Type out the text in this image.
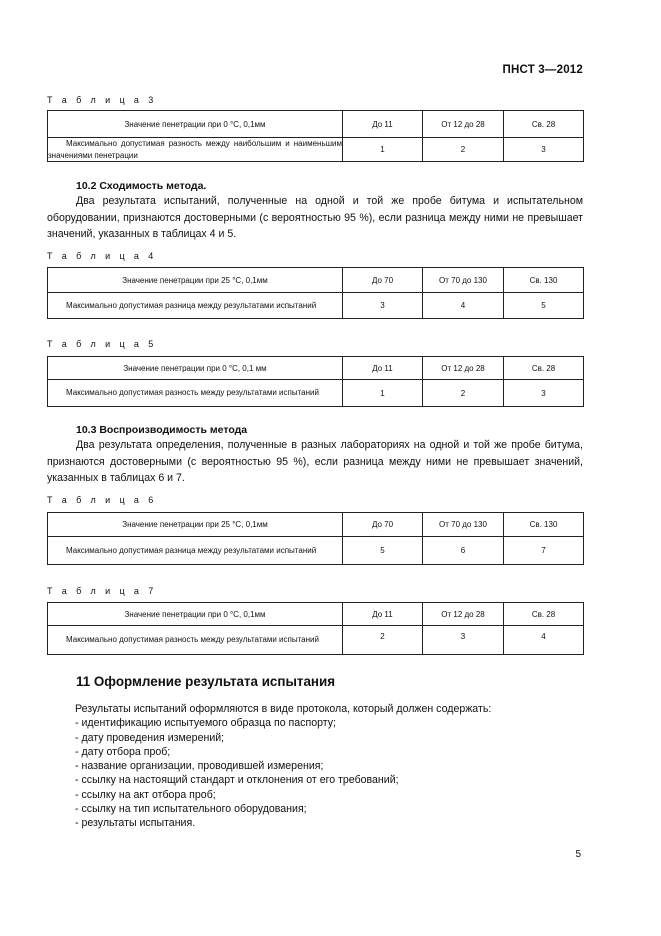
ПНСТ 3—2012
Т а б л и ц а 3
Значение пенетрации при 0 °С, 0,1мм	До 11	От 12 до 28	Св. 28
Максимально допустимая разность между наибольшим и наименьшим значениями пенетрации	1	2	3
10.2 Сходимость метода.
Два результата испытаний, полученные на одной и той же пробе битума и испытательном оборудовании, признаются достоверными (с вероятностью 95 %), если разница между ними не превышает значений, указанных в таблицах 4 и 5.
Т а б л и ц а 4
Значение пенетрации при 25 °С, 0,1мм	До 70	От 70 до 130	Св. 130
Максимально допустимая разница между результатами испытаний	3	4	5
Т а б л и ц а 5
Значение пенетрации при 0 °С, 0,1 мм	До 11	От 12 до 28	Св. 28
Максимально допустимая разность между результатами испытаний	1	2	3
10.3 Воспроизводимость метода
Два результата определения, полученные в разных лабораториях на одной и той же пробе битума, признаются достоверными (с вероятностью 95 %), если разница между ними не превышает значений, указанных в таблицах 6 и 7.
Т а б л и ц а 6
Значение пенетрации при 25 °С, 0,1мм	До 70	От 70 до 130	Св. 130
Максимально допустимая разница между результатами испытаний	5	6	7
Т а б л и ц а 7
Значение пенетрации при 0 °С, 0,1мм	До 11	От 12 до 28	Св. 28
Максимально допустимая разность между результатами испытаний	2	3	4
11 Оформление результата испытания
Результаты испытаний оформляются в виде протокола, который должен содержать:
- идентификацию испытуемого образца по паспорту;
- дату проведения измерений;
- дату отбора проб;
- название организации, проводившей измерения;
- ссылку на настоящий стандарт и отклонения от его требований;
- ссылку на акт отбора проб;
- ссылку на тип испытательного оборудования;
- результаты испытания.
5
